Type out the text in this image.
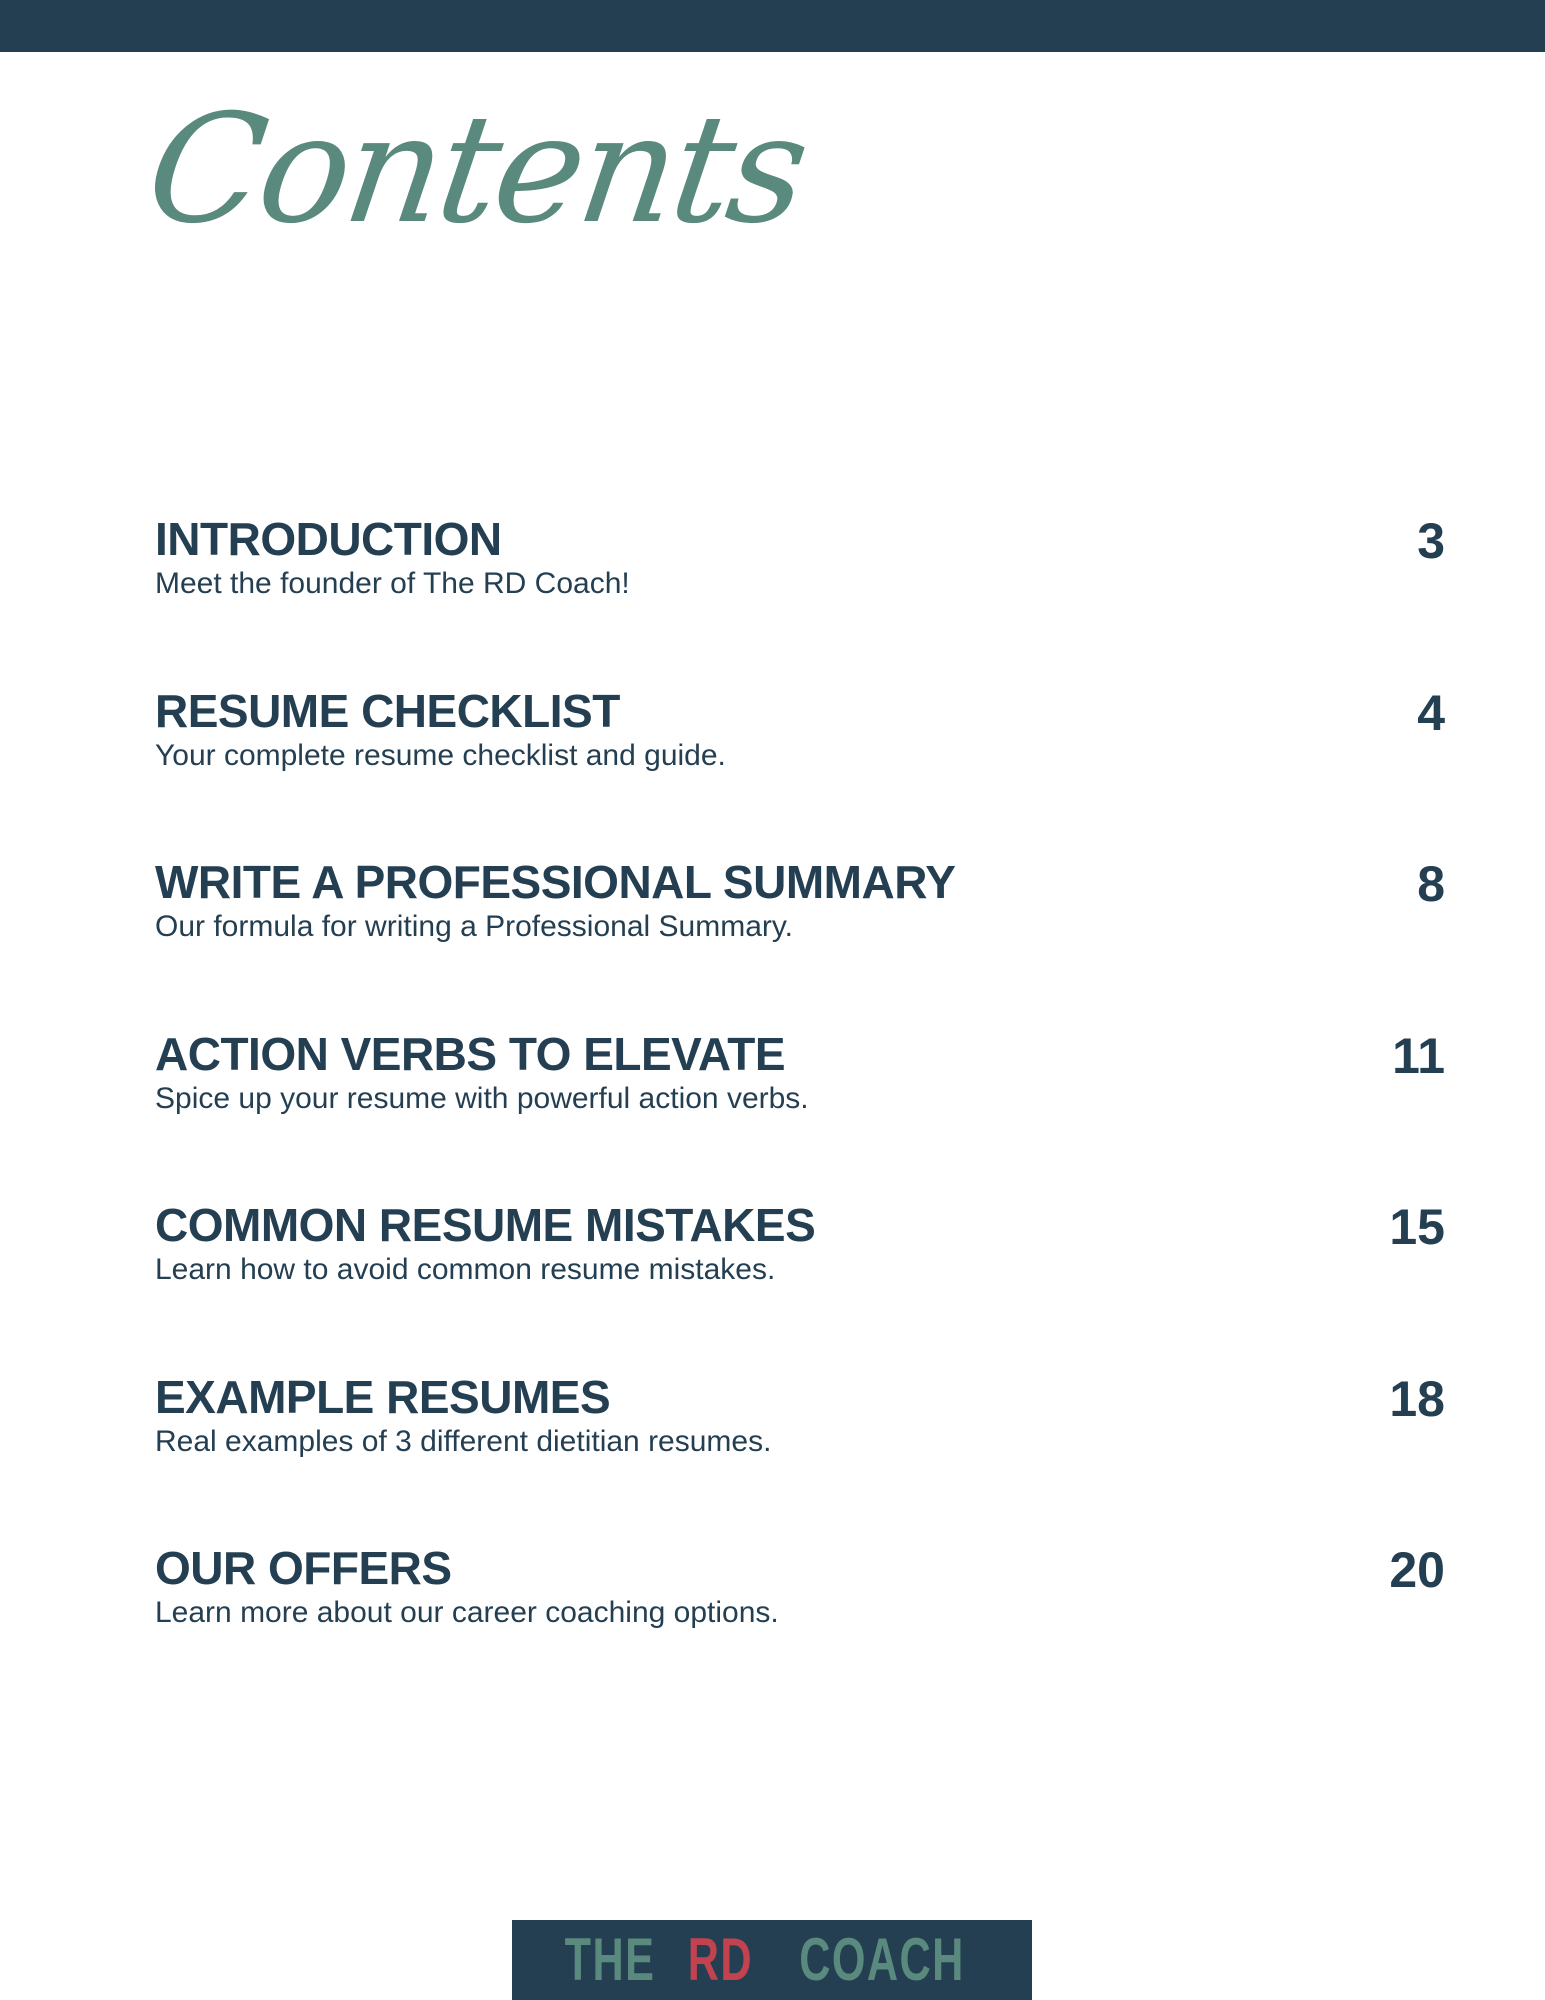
Contents
INTRODUCTION
Meet the founder of The RD Coach!
3
RESUME CHECKLIST
Your complete resume checklist and guide.
4
WRITE A PROFESSIONAL SUMMARY
Our formula for writing a Professional Summary.
8
ACTION VERBS TO ELEVATE
Spice up your resume with powerful action verbs.
11
COMMON RESUME MISTAKES
Learn how to avoid common resume mistakes.
15
EXAMPLE RESUMES
Real examples of 3 different dietitian resumes.
18
OUR OFFERS
Learn more about our career coaching options.
20
THE RD COACH
